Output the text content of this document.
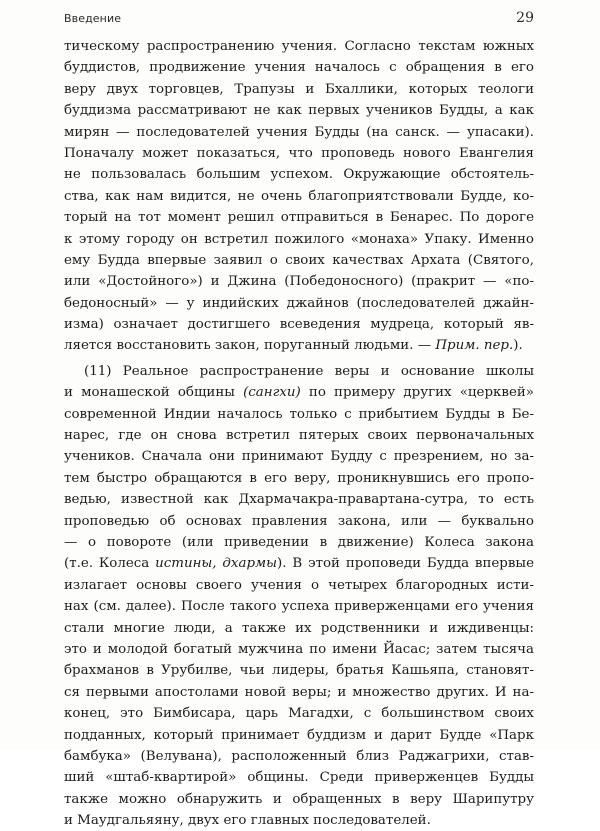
Введение	29
тическому распространению учения. Согласно текстам южных
буддистов, продвижение учения началось с обращения в его
веру двух торговцев, Трапузы и Бхаллики, которых теологи
буддизма рассматривают не как первых учеников Будды, а как
мирян — последователей учения Будды (на санск. — упасаки).
Поначалу может показаться, что проповедь нового Евангелия
не пользовалась большим успехом. Окружающие обстоятель-
ства, как нам видится, не очень благоприятствовали Будде, ко-
торый на тот момент решил отправиться в Бенарес. По дороге
к этому городу он встретил пожилого «монаха» Упаку. Именно
ему Будда впервые заявил о своих качествах Архата (Святого,
или «Достойного») и Джина (Победоносного) (пракрит — «по-
бедоносный» — у индийских джайнов (последователей джайн-
изма) означает достигшего всеведения мудреца, который яв-
ляется восстановить закон, поруганный людьми. — Прим. пер.).
(11) Реальное распространение веры и основание школы
и монашеской общины (сангхи) по примеру других «церквей»
современной Индии началось только с прибытием Будды в Бе-
нарес, где он снова встретил пятерых своих первоначальных
учеников. Сначала они принимают Будду с презрением, но за-
тем быстро обращаются в его веру, проникнувшись его пропо-
ведью, известной как Дхармачакра-правартана-сутра, то есть
проповедью об основах правления закона, или — буквально
— о повороте (или приведении в движение) Колеса закона
(т.е. Колеса истины, дхармы). В этой проповеди Будда впервые
излагает основы своего учения о четырех благородных исти-
нах (см. далее). После такого успеха приверженцами его учения
стали многие люди, а также их родственники и иждивенцы:
это и молодой богатый мужчина по имени Йасас; затем тысяча
брахманов в Урубилве, чьи лидеры, братья Кашьяпа, становят-
ся первыми апостолами новой веры; и множество других. И на-
конец, это Бимбисара, царь Магадхи, с большинством своих
подданных, который принимает буддизм и дарит Будде «Парк
бамбука» (Велувана), расположенный близ Раджагрихи, став-
ший «штаб-квартирой» общины. Среди приверженцев Будды
также можно обнаружить и обращенных в веру Шарипутру
и Маудгальяяну, двух его главных последователей.
